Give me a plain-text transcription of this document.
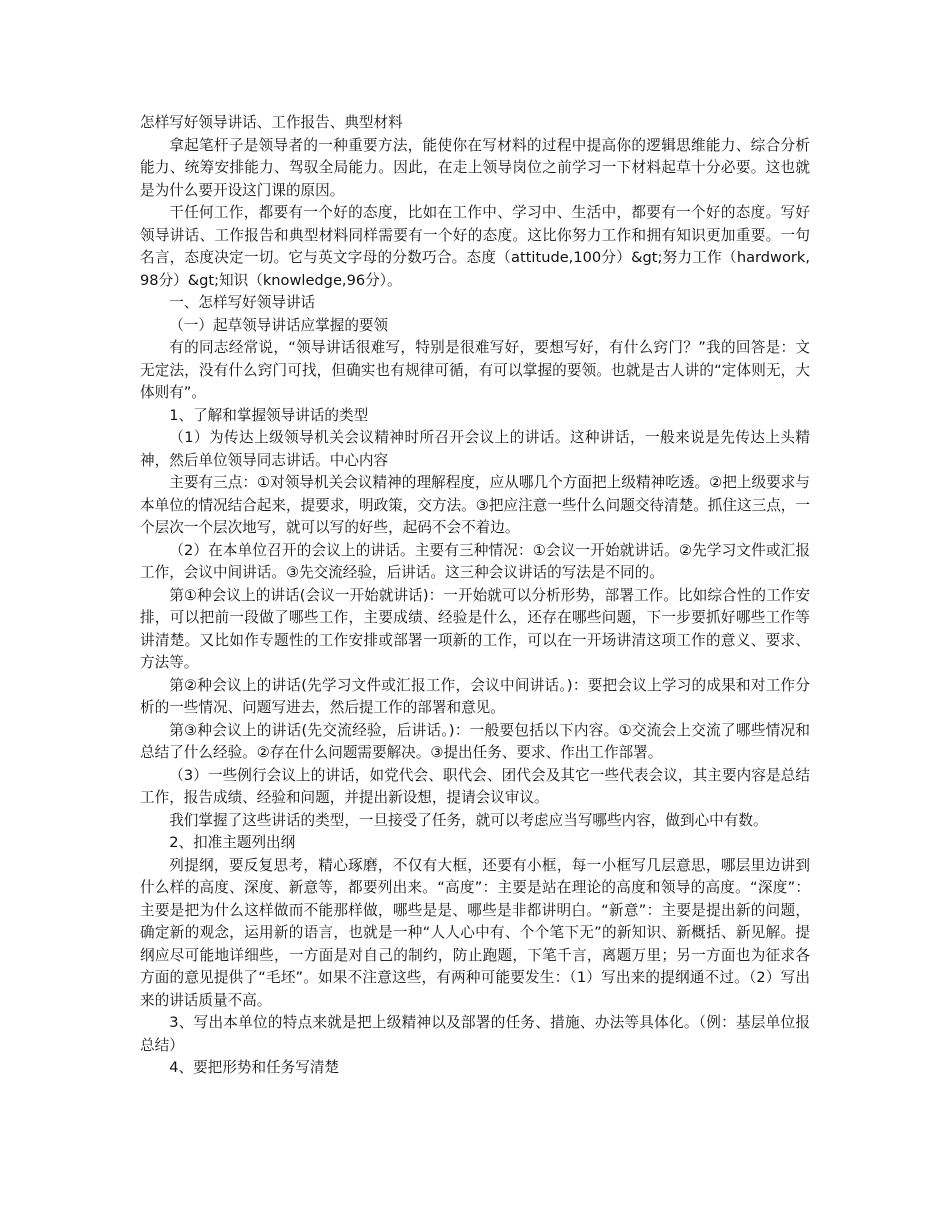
怎样写好领导讲话、工作报告、典型材料

拿起笔杆子是领导者的一种重要方法，能使你在写材料的过程中提高你的逻辑思维能力、综合分析能力、统筹安排能力、驾驭全局能力。因此，在走上领导岗位之前学习一下材料起草十分必要。这也就是为什么要开设这门课的原因。

干任何工作，都要有一个好的态度，比如在工作中、学习中、生活中，都要有一个好的态度。写好领导讲话、工作报告和典型材料同样需要有一个好的态度。这比你努力工作和拥有知识更加重要。一句名言，态度决定一切。它与英文字母的分数巧合。态度（attitude,100分）&gt;努力工作（hardwork,98分）&gt;知识（knowledge,96分）。

一、怎样写好领导讲话

（一）起草领导讲话应掌握的要领

有的同志经常说，“领导讲话很难写，特别是很难写好，要想写好，有什么窍门？”我的回答是：文无定法，没有什么窍门可找，但确实也有规律可循，有可以掌握的要领。也就是古人讲的“定体则无，大体则有”。

1、了解和掌握领导讲话的类型

（1）为传达上级领导机关会议精神时所召开会议上的讲话。这种讲话，一般来说是先传达上头精神，然后单位领导同志讲话。中心内容

主要有三点：①对领导机关会议精神的理解程度，应从哪几个方面把上级精神吃透。②把上级要求与本单位的情况结合起来，提要求，明政策，交方法。③把应注意一些什么问题交待清楚。抓住这三点，一个层次一个层次地写，就可以写的好些，起码不会不着边。

（2）在本单位召开的会议上的讲话。主要有三种情况：①会议一开始就讲话。②先学习文件或汇报工作，会议中间讲话。③先交流经验，后讲话。这三种会议讲话的写法是不同的。

第①种会议上的讲话(会议一开始就讲话)：一开始就可以分析形势，部署工作。比如综合性的工作安排，可以把前一段做了哪些工作，主要成绩、经验是什么，还存在哪些问题，下一步要抓好哪些工作等讲清楚。又比如作专题性的工作安排或部署一项新的工作，可以在一开场讲清这项工作的意义、要求、方法等。

第②种会议上的讲话(先学习文件或汇报工作，会议中间讲话。)：要把会议上学习的成果和对工作分析的一些情况、问题写进去，然后提工作的部署和意见。

第③种会议上的讲话(先交流经验，后讲话。)：一般要包括以下内容。①交流会上交流了哪些情况和总结了什么经验。②存在什么问题需要解决。③提出任务、要求、作出工作部署。

（3）一些例行会议上的讲话，如党代会、职代会、团代会及其它一些代表会议，其主要内容是总结工作，报告成绩、经验和问题，并提出新设想，提请会议审议。

我们掌握了这些讲话的类型，一旦接受了任务，就可以考虑应当写哪些内容，做到心中有数。

2、扣准主题列出纲

列提纲，要反复思考，精心琢磨，不仅有大框，还要有小框，每一小框写几层意思，哪层里边讲到什么样的高度、深度、新意等，都要列出来。“高度”：主要是站在理论的高度和领导的高度。“深度”：主要是把为什么这样做而不能那样做，哪些是是、哪些是非都讲明白。“新意”：主要是提出新的问题，确定新的观念，运用新的语言，也就是一种“人人心中有、个个笔下无”的新知识、新概括、新见解。提纲应尽可能地详细些，一方面是对自己的制约，防止跑题，下笔千言，离题万里；另一方面也为征求各方面的意见提供了“毛坯”。如果不注意这些，有两种可能要发生：（1）写出来的提纲通不过。（2）写出来的讲话质量不高。

3、写出本单位的特点来就是把上级精神以及部署的任务、措施、办法等具体化。（例：基层单位报总结）

4、要把形势和任务写清楚
